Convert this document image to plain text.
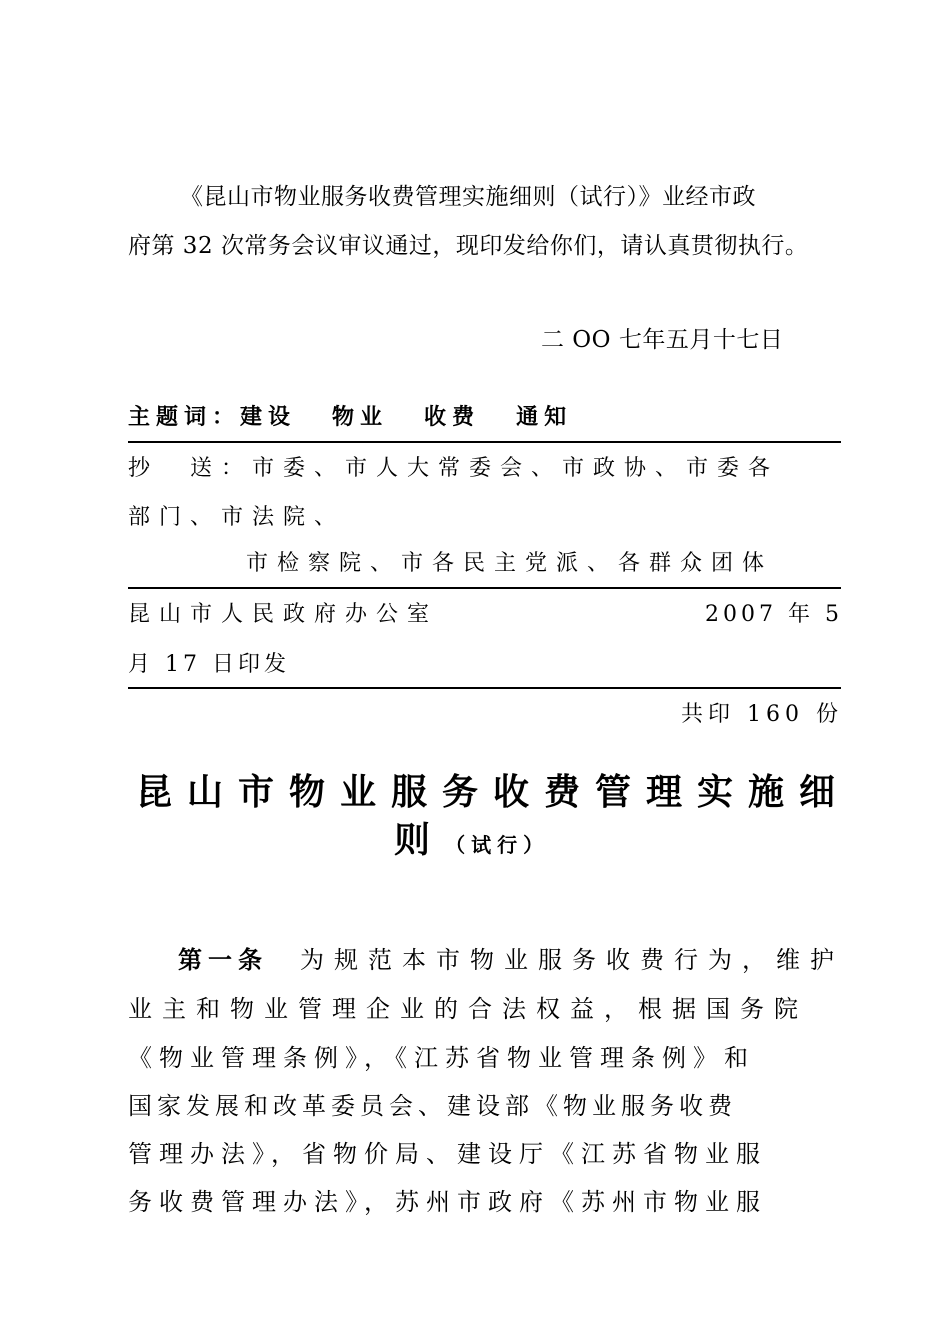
《昆山市物业服务收费管理实施细则（试行）》业经市政
府第 32 次常务会议审议通过，现印发给你们，请认真贯彻执行。
二 OO 七年五月十七日
主题词：建设 物业 收费 通知
抄　送：市委、市人大常委会、市政协、市委各
部门、市法院、
市检察院、市各民主党派、各群众团体
昆山市人民政府办公室	2007 年 5
月 17 日印发
共印 160 份
昆山市物业服务收费管理实施细
则 （试行）
第一条 为规范本市物业服务收费行为，维护
业主和物业管理企业的合法权益，根据国务院
《物业管理条例》，《江苏省物业管理条例》和
国家发展和改革委员会、建设部《物业服务收费
管理办法》，省物价局、建设厅《江苏省物业服
务收费管理办法》，苏州市政府《苏州市物业服
